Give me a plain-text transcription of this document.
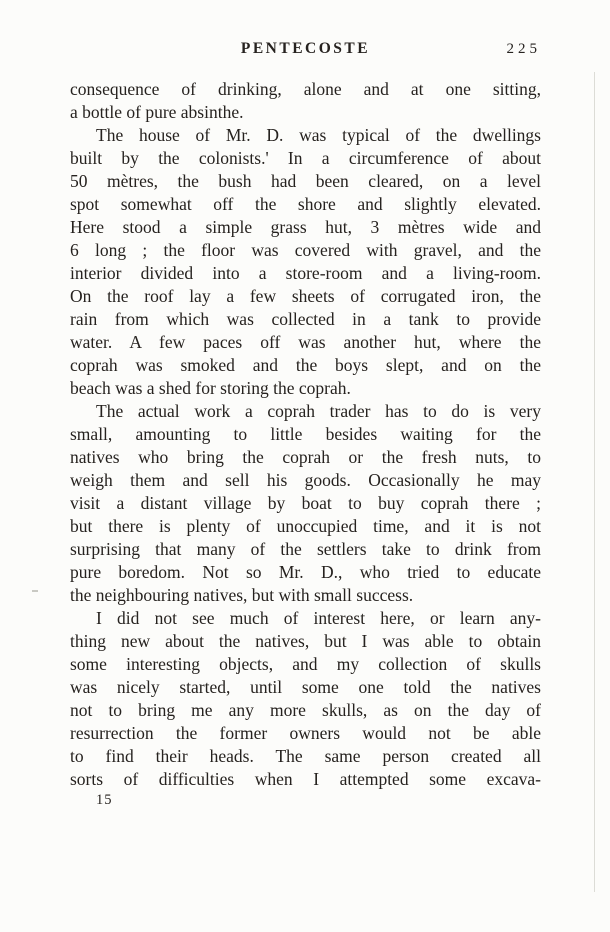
PENTECOSTE	225
consequence of drinking, alone and at one sitting,
a bottle of pure absinthe.
The house of Mr. D. was typical of the dwellings
built by the colonists.' In a circumference of about
50 mètres, the bush had been cleared, on a level
spot somewhat off the shore and slightly elevated.
Here stood a simple grass hut, 3 mètres wide and
6 long ; the floor was covered with gravel, and the
interior divided into a store-room and a living-room.
On the roof lay a few sheets of corrugated iron, the
rain from which was collected in a tank to provide
water. A few paces off was another hut, where the
coprah was smoked and the boys slept, and on the
beach was a shed for storing the coprah.
The actual work a coprah trader has to do is very
small, amounting to little besides waiting for the
natives who bring the coprah or the fresh nuts, to
weigh them and sell his goods. Occasionally he may
visit a distant village by boat to buy coprah there ;
but there is plenty of unoccupied time, and it is not
surprising that many of the settlers take to drink from
pure boredom. Not so Mr. D., who tried to educate
the neighbouring natives, but with small success.
I did not see much of interest here, or learn any-
thing new about the natives, but I was able to obtain
some interesting objects, and my collection of skulls
was nicely started, until some one told the natives
not to bring me any more skulls, as on the day of
resurrection the former owners would not be able
to find their heads. The same person created all
sorts of difficulties when I attempted some excava-
15
